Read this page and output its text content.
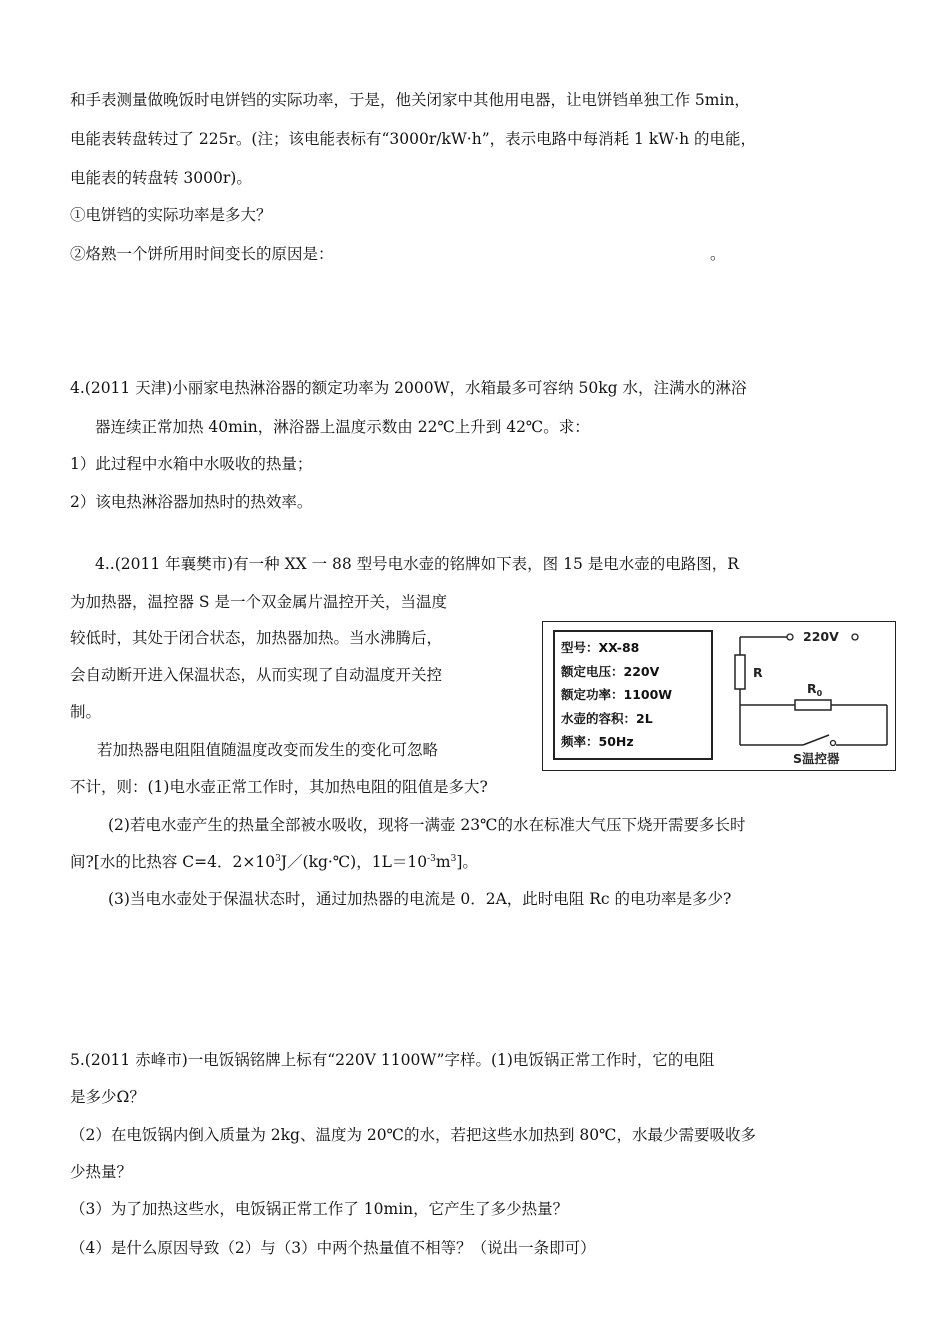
和手表测量做晚饭时电饼铛的实际功率，于是，他关闭家中其他用电器，让电饼铛单独工作 5min，
电能表转盘转过了 225r。(注；该电能表标有“3000r/kW·h”，表示电路中每消耗 1 kW·h 的电能，
电能表的转盘转 3000r)。
①电饼铛的实际功率是多大？
②烙熟一个饼所用时间变长的原因是：	。
4.(2011 天津)小丽家电热淋浴器的额定功率为 2000W，水箱最多可容纳 50kg 水，注满水的淋浴
器连续正常加热 40min，淋浴器上温度示数由 22℃上升到 42℃。求：
1）此过程中水箱中水吸收的热量；
2）该电热淋浴器加热时的热效率。
4..(2011 年襄樊市)有一种 XX 一 88 型号电水壶的铭牌如下表，图 15 是电水壶的电路图，R
为加热器，温控器 S 是一个双金属片温控开关，当温度
较低时，其处于闭合状态，加热器加热。当水沸腾后，
会自动断开进入保温状态，从而实现了自动温度开关控
制。
若加热器电阻阻值随温度改变而发生的变化可忽略
不计，则：(1)电水壶正常工作时，其加热电阻的阻值是多大?
(2)若电水壶产生的热量全部被水吸收，现将一满壶 23℃的水在标准大气压下烧开需要多长时
间?[水的比热容 C=4．$2\times 10^3J/(kg\cdot℃)$，$1L=10^{-3}m^3$]。
(3)当电水壶处于保温状态时，通过加热器的电流是 0．2A，此时电阻 Rc 的电功率是多少?
型号：XX-88
额定电压：220V
额定功率：1100W
水壶的容积：2L
频率：50Hz
220V
R
$R_0$
S温控器
5.(2011 赤峰市)一电饭锅铭牌上标有“220V 1100W”字样。(1)电饭锅正常工作时，它的电阻
是多少Ω？
（2）在电饭锅内倒入质量为 2kg、温度为 20℃的水，若把这些水加热到 80℃，水最少需要吸收多
少热量？
（3）为了加热这些水，电饭锅正常工作了 10min，它产生了多少热量？
（4）是什么原因导致（2）与（3）中两个热量值不相等？（说出一条即可）
